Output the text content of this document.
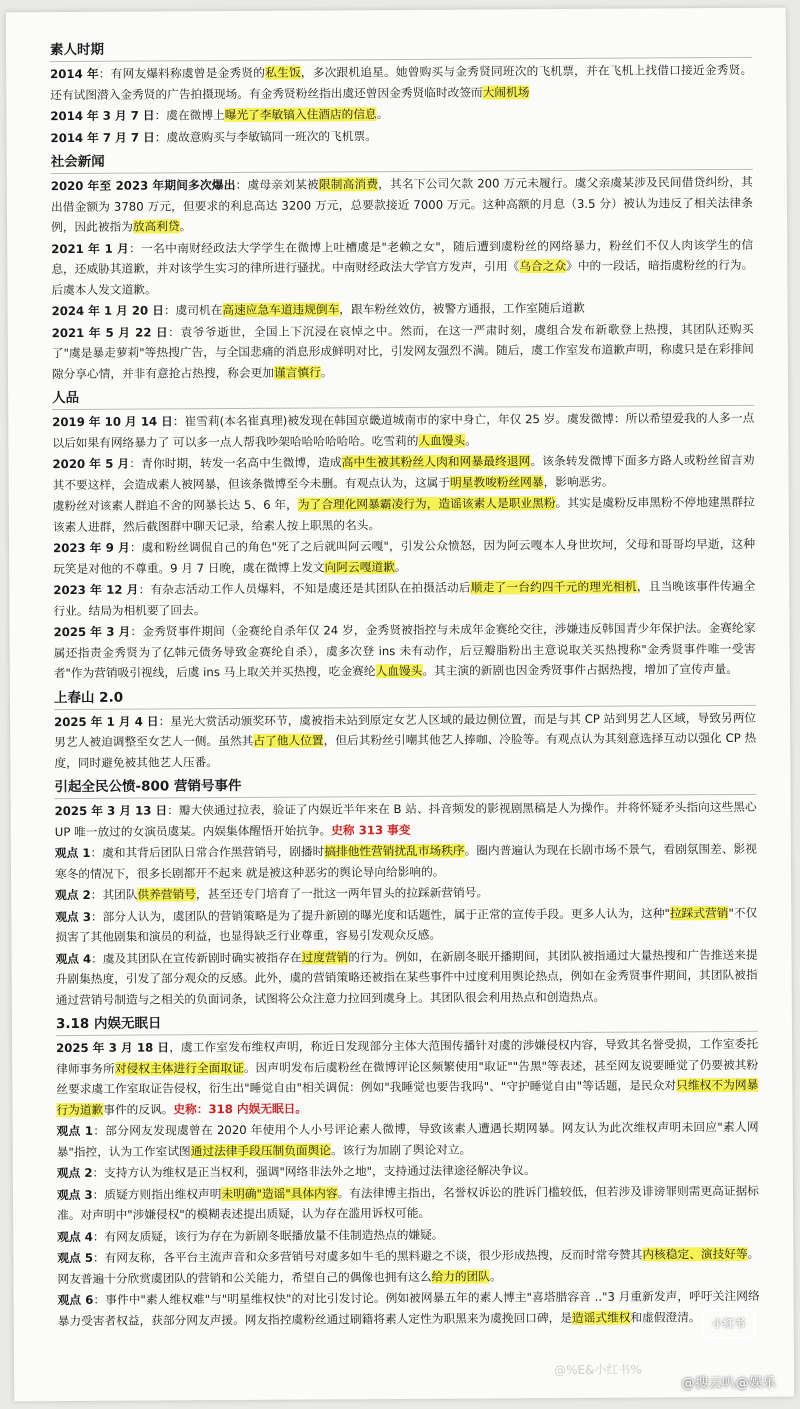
素人时期
2014 年：有网友爆料称虞曾是金秀贤的私生饭，多次跟机追星。她曾购买与金秀贤同班次的飞机票，并在飞机上找借口接近金秀贤。还有试图潜入金秀贤的广告拍摄现场。有金秀贤粉丝指出虞还曾因金秀贤临时改签而大闹机场
2014 年 3 月 7 日：虞在微博上曝光了李敏镐入住酒店的信息。
2014 年 7 月 7 日：虞故意购买与李敏镐同一班次的飞机票。
社会新闻
2020 年至 2023 年期间多次爆出：虞母亲刘某被限制高消费，其名下公司欠款 200 万元未履行。虞父亲虞某涉及民间借贷纠纷，其出借金额为 3780 万元，但要求的利息高达 3200 万元，总要款接近 7000 万元。这种高额的月息（3.5 分）被认为违反了相关法律条例，因此被指为放高利贷。
2021 年 1 月：一名中南财经政法大学学生在微博上吐槽虞是"老赖之女"，随后遭到虞粉丝的网络暴力，粉丝们不仅人肉该学生的信息，还威胁其道歉，并对该学生实习的律所进行骚扰。中南财经政法大学官方发声，引用《乌合之众》中的一段话，暗指虞粉丝的行为。后虞本人发文道歉。
2024 年 1 月 20 日：虞司机在高速应急车道违规倒车，跟车粉丝效仿，被警方通报，工作室随后道歉
2021 年 5 月 22 日：袁爷爷逝世，全国上下沉浸在哀悼之中。然而，在这一严肃时刻，虞组合发布新歌登上热搜，其团队还购买了"虞是暴走萝莉"等热搜广告，与全国悲痛的消息形成鲜明对比，引发网友强烈不满。随后，虞工作室发布道歉声明，称虞只是在彩排间隙分享心情，并非有意抢占热搜，称会更加谨言慎行。
人品
2019 年 10 月 14 日：崔雪莉(本名崔真理)被发现在韩国京畿道城南市的家中身亡，年仅 25 岁。虞发微博：所以希望爱我的人多一点 以后如果有网络暴力了 可以多一点人帮我吵架哈哈哈哈哈哈。吃雪莉的人血馒头。
2020 年 5 月：青你时期，转发一名高中生微博，造成高中生被其粉丝人肉和网暴最终退网。该条转发微博下面多方路人或粉丝留言劝其不要这样，会造成素人被网暴，但该条微博至今未删。有观点认为，这属于明星教唆粉丝网暴，影响恶劣。
虞粉丝对该素人群追不舍的网暴长达 5、6 年，为了合理化网暴霸凌行为，造谣该素人是职业黑粉。其实是虞粉反串黑粉不停地建黑群拉该素人进群，然后截图群中聊天记录，给素人按上职黑的名头。
2023 年 9 月：虞和粉丝调侃自己的角色"死了之后就叫阿云嘎"，引发公众愤怒，因为阿云嘎本人身世坎坷，父母和哥哥均早逝，这种玩笑是对他的不尊重。9 月 7 日晚，虞在微博上发文向阿云嘎道歉。
2023 年 12 月：有杂志活动工作人员爆料，不知是虞还是其团队在拍摄活动后顺走了一台约四千元的理光相机，且当晚该事件传遍全行业。结局为相机要了回去。
2025 年 3 月：金秀贤事件期间（金赛纶自杀年仅 24 岁，金秀贤被指控与未成年金赛纶交往，涉嫌违反韩国青少年保护法。金赛纶家属还指责金秀贤为了亿韩元债务导致金赛纶自杀），虞多次登 ins 未有动作，后豆瓣脂粉出主意说取关买热搜称"金秀贤事件唯一受害者"作为营销吸引视线，后虞 ins 马上取关并买热搜，吃金赛纶人血馒头。其主演的新剧也因金秀贤事件占据热搜，增加了宣传声量。
上春山 2.0
2025 年 1 月 4 日：星光大赏活动颁奖环节，虞被指未站到原定女艺人区域的最边侧位置，而是与其 CP 站到男艺人区域，导致另两位男艺人被迫调整至女艺人一侧。虽然其占了他人位置，但后其粉丝引嘲其他艺人捧咖、冷脸等。有观点认为其刻意选择互动以强化 CP 热度，同时避免被其他艺人压番。
引起全民公愤-800 营销号事件
2025 年 3 月 13 日：瓣大侠通过拉表，验证了内娱近半年来在 B 站、抖音频发的影视剧黑稿是人为操作。并将怀疑矛头指向这些黑心 UP 唯一放过的女演员虞某。内娱集体醒悟开始抗争。史称 313 事变
观点 1：虞和其背后团队日常合作黑营销号，剧播时搞排他性营销扰乱市场秩序。圈内普遍认为现在长剧市场不景气，看剧氛围差、影视寒冬的情况下，很多长剧都开不起来 就是被这种恶劣的舆论导向给影响的。
观点 2：其团队供养营销号，甚至还专门培育了一批这一两年冒头的拉踩新营销号。
观点 3：部分人认为，虞团队的营销策略是为了提升新剧的曝光度和话题性，属于正常的宣传手段。更多人认为，这种"拉踩式营销"不仅损害了其他剧集和演员的利益，也显得缺乏行业尊重，容易引发观众反感。
观点 4：虞及其团队在宣传新剧时确实被指存在过度营销的行为。例如，在新剧冬眠开播期间，其团队被指通过大量热搜和广告推送来提升剧集热度，引发了部分观众的反感。此外，虞的营销策略还被指在某些事件中过度利用舆论热点，例如在金秀贤事件期间，其团队被指通过营销号制造与之相关的负面词条，试图将公众注意力拉回到虞身上。其团队很会利用热点和创造热点。
3.18 内娱无眠日
2025 年 3 月 18 日，虞工作室发布维权声明，称近日发现部分主体大范围传播针对虞的涉嫌侵权内容，导致其名誉受损，工作室委托律师事务所对侵权主体进行全面取证。因声明发布后虞粉丝在微博评论区频繁使用"取证""告黑"等表述，甚至网友说要睡觉了仍要被其粉丝要求虞工作室取证告侵权，衍生出"睡觉自由"相关调侃：例如"我睡觉也要告我吗"、"守护睡觉自由"等话题，是民众对只维权不为网暴行为道歉事件的反讽。史称：318 内娱无眠日。
观点 1：部分网友发现虞曾在 2020 年使用个人小号评论素人微博，导致该素人遭遇长期网暴。网友认为此次维权声明未回应"素人网暴"指控，认为工作室试图通过法律手段压制负面舆论。该行为加剧了舆论对立。
观点 2：支持方认为维权是正当权利，强调"网络非法外之地"，支持通过法律途径解决争议。
观点 3：质疑方则指出维权声明未明确"造谣"具体内容。有法律博主指出，名誉权诉讼的胜诉门槛较低，但若涉及诽谤罪则需更高证据标准。对声明中"涉嫌侵权"的模糊表述提出质疑，认为存在滥用诉权可能。
观点 4：有网友质疑，该行为存在为新剧冬眠播放量不佳制造热点的嫌疑。
观点 5：有网友称，各平台主流声音和众多营销号对虞多如牛毛的黑料避之不谈，很少形成热搜，反而时常夸赞其内核稳定、演技好等。网友普遍十分欣赏虞团队的营销和公关能力，希望自己的偶像也拥有这么给力的团队。
观点 6：事件中"素人维权难"与"明星维权快"的对比引发讨论。例如被网暴五年的素人博主"喜塔腊容音 .."3 月重新发声，呼吁关注网络暴力受害者权益，获部分网友声援。网友指控虞粉丝通过刷籍将素人定性为职黑来为虞挽回口碑，是造谣式维权和虚假澄清。	小红书
@%E&小红书%
@搜云叭@娱乐
